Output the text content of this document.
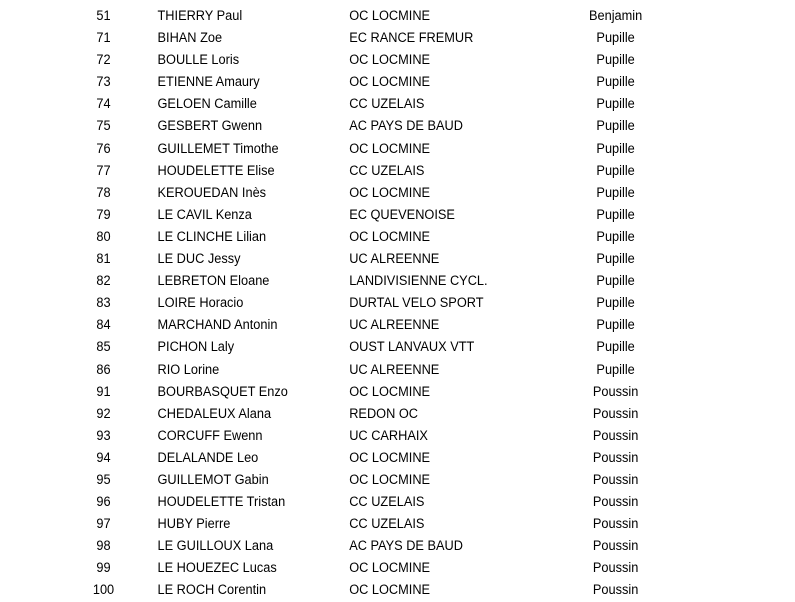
51	THIERRY Paul	OC LOCMINE	Benjamin
71	BIHAN Zoe	EC RANCE FREMUR	Pupille
72	BOULLE Loris	OC LOCMINE	Pupille
73	ETIENNE Amaury	OC LOCMINE	Pupille
74	GELOEN Camille	CC UZELAIS	Pupille
75	GESBERT Gwenn	AC PAYS DE BAUD	Pupille
76	GUILLEMET Timothe	OC LOCMINE	Pupille
77	HOUDELETTE Elise	CC UZELAIS	Pupille
78	KEROUEDAN Inès	OC LOCMINE	Pupille
79	LE CAVIL Kenza	EC QUEVENOISE	Pupille
80	LE CLINCHE Lilian	OC LOCMINE	Pupille
81	LE DUC Jessy	UC ALREENNE	Pupille
82	LEBRETON Eloane	LANDIVISIENNE CYCL.	Pupille
83	LOIRE Horacio	DURTAL VELO SPORT	Pupille
84	MARCHAND Antonin	UC ALREENNE	Pupille
85	PICHON Laly	OUST LANVAUX VTT	Pupille
86	RIO Lorine	UC ALREENNE	Pupille
91	BOURBASQUET Enzo	OC LOCMINE	Poussin
92	CHEDALEUX Alana	REDON OC	Poussin
93	CORCUFF Ewenn	UC CARHAIX	Poussin
94	DELALANDE Leo	OC LOCMINE	Poussin
95	GUILLEMOT Gabin	OC LOCMINE	Poussin
96	HOUDELETTE Tristan	CC UZELAIS	Poussin
97	HUBY Pierre	CC UZELAIS	Poussin
98	LE GUILLOUX Lana	AC PAYS DE BAUD	Poussin
99	LE HOUEZEC Lucas	OC LOCMINE	Poussin
100	LE ROCH Corentin	OC LOCMINE	Poussin
